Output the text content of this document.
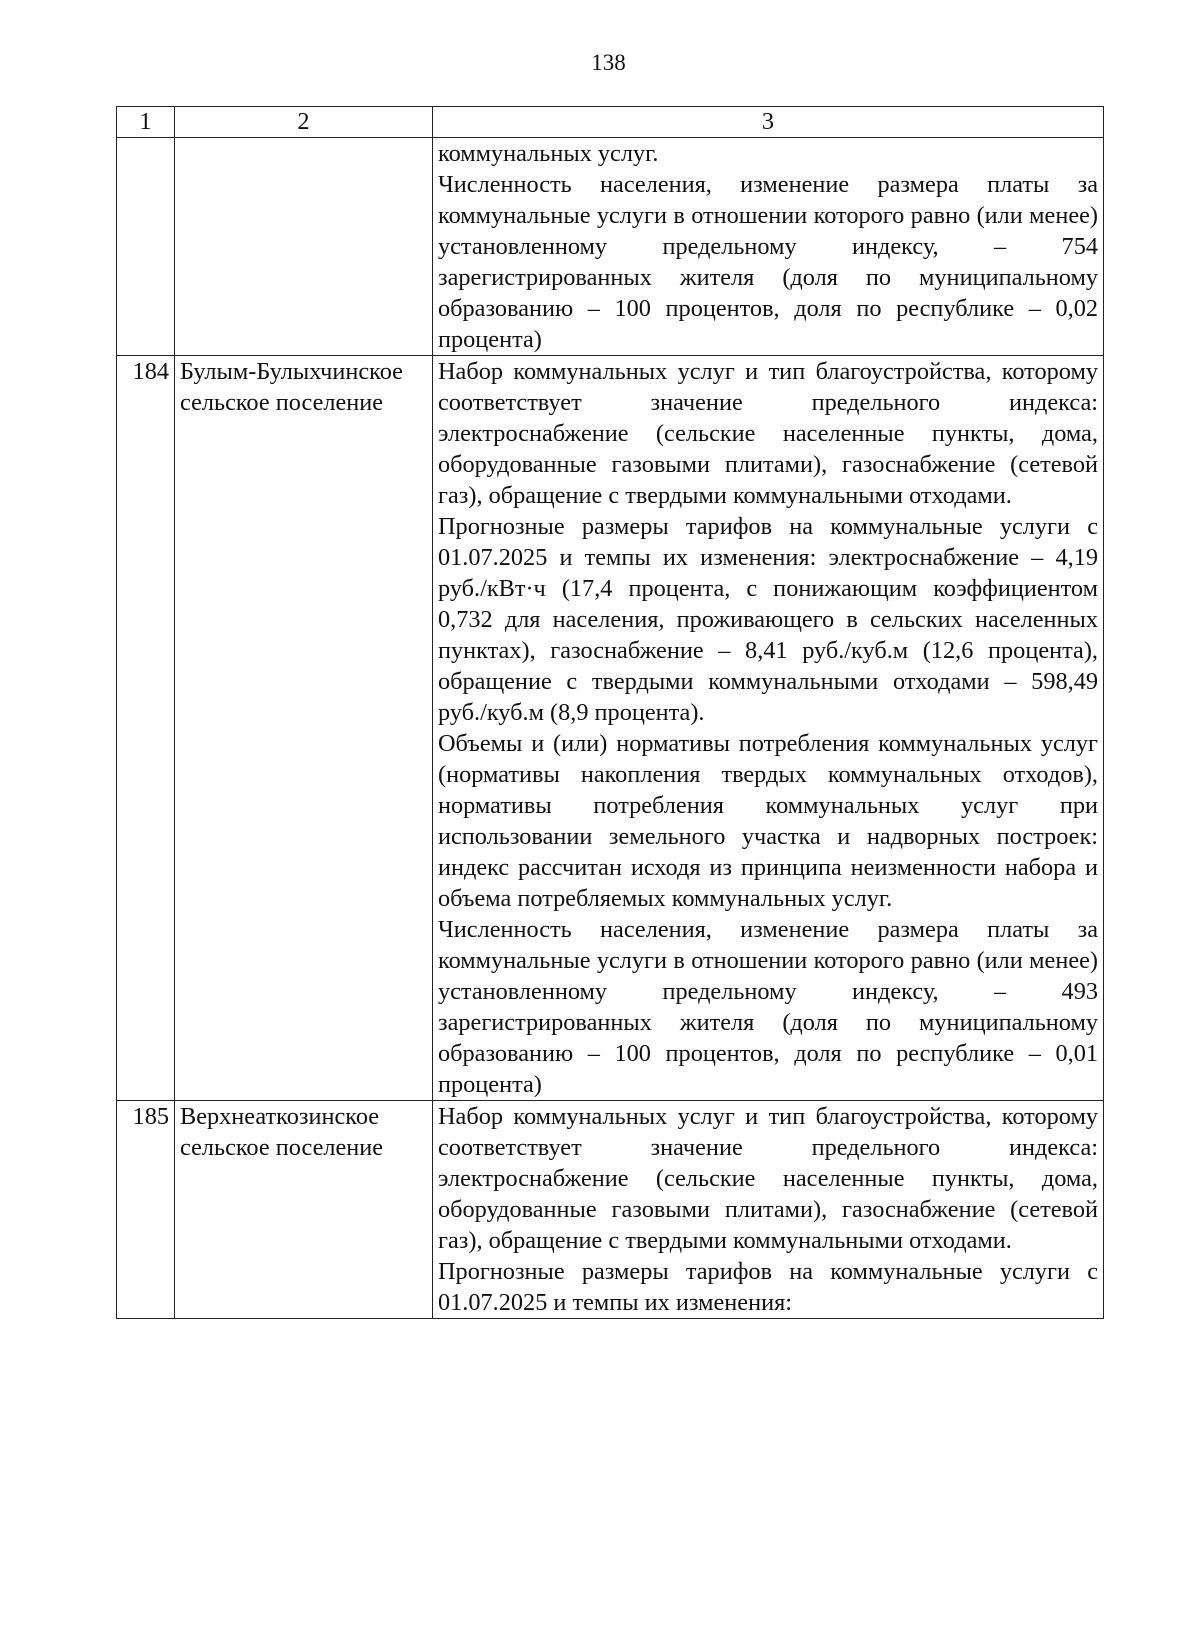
138
1	2	3

		коммунальных услуг.

Численность населения, изменение размера платы за коммунальные услуги в отношении которого равно (или менее) установленному предельному индексу, – 754 зарегистрированных жителя (доля по муниципальному образованию – 100 процентов, доля по республике – 0,02 процента)

184	Булым-Булыхчинское сельское поселение	Набор коммунальных услуг и тип благоустройства, которому соответствует значение предельного индекса: электроснабжение (сельские населенные пункты, дома, оборудованные газовыми плитами), газоснабжение (сетевой газ), обращение с твердыми коммунальными отходами.

Прогнозные размеры тарифов на коммунальные услуги с 01.07.2025 и темпы их изменения: электроснабжение – 4,19 руб./кВт·ч (17,4 процента, с понижающим коэффициентом 0,732 для населения, проживающего в сельских населенных пунктах), газоснабжение – 8,41 руб./куб.м (12,6 процента), обращение с твердыми коммунальными отходами – 598,49 руб./куб.м (8,9 процента).

Объемы и (или) нормативы потребления коммунальных услуг (нормативы накопления твердых коммунальных отходов), нормативы потребления коммунальных услуг при использовании земельного участка и надворных построек: индекс рассчитан исходя из принципа неизменности набора и объема потребляемых коммунальных услуг.

Численность населения, изменение размера платы за коммунальные услуги в отношении которого равно (или менее) установленному предельному индексу, – 493 зарегистрированных жителя (доля по муниципальному образованию – 100 процентов, доля по республике – 0,01 процента)

185	Верхнеаткозинское сельское поселение	Набор коммунальных услуг и тип благоустройства, которому соответствует значение предельного индекса: электроснабжение (сельские населенные пункты, дома, оборудованные газовыми плитами), газоснабжение (сетевой газ), обращение с твердыми коммунальными отходами.

Прогнозные размеры тарифов на коммунальные услуги с 01.07.2025 и темпы их изменения:
